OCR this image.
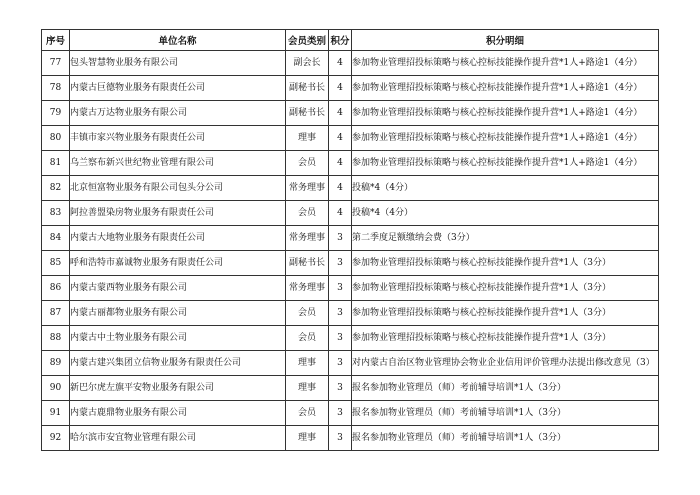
序号	单位名称	会员类别	积分	积分明细
77	包头智慧物业服务有限公司	副会长	4	参加物业管理招投标策略与核心控标技能操作提升营*1人+路途1（4分）
78	内蒙古巨德物业服务有限责任公司	副秘书长	4	参加物业管理招投标策略与核心控标技能操作提升营*1人+路途1（4分）
79	内蒙古万达物业服务有限公司	副秘书长	4	参加物业管理招投标策略与核心控标技能操作提升营*1人+路途1（4分）
80	丰镇市家兴物业服务有限责任公司	理事	4	参加物业管理招投标策略与核心控标技能操作提升营*1人+路途1（4分）
81	乌兰察布新兴世纪物业管理有限公司	会员	4	参加物业管理招投标策略与核心控标技能操作提升营*1人+路途1（4分）
82	北京恒富物业服务有限公司包头分公司	常务理事	4	投稿*4（4分）
83	阿拉善盟染房物业服务有限责任公司	会员	4	投稿*4（4分）
84	内蒙古大地物业服务有限责任公司	常务理事	3	第二季度足额缴纳会费（3分）
85	呼和浩特市嘉诚物业服务有限责任公司	副秘书长	3	参加物业管理招投标策略与核心控标技能操作提升营*1人（3分）
86	内蒙古蒙西物业服务有限公司	常务理事	3	参加物业管理招投标策略与核心控标技能操作提升营*1人（3分）
87	内蒙古丽都物业服务有限公司	会员	3	参加物业管理招投标策略与核心控标技能操作提升营*1人（3分）
88	内蒙古中土物业服务有限公司	会员	3	参加物业管理招投标策略与核心控标技能操作提升营*1人（3分）
89	内蒙古建兴集团立信物业服务有限责任公司	理事	3	对内蒙古自治区物业管理协会物业企业信用评价管理办法提出修改意见（3）
90	新巴尔虎左旗平安物业服务有限公司	理事	3	报名参加物业管理员（师）考前辅导培训*1人（3分）
91	内蒙古鹿鼎物业服务有限公司	会员	3	报名参加物业管理员（师）考前辅导培训*1人（3分）
92	哈尔滨市安宜物业管理有限公司	理事	3	报名参加物业管理员（师）考前辅导培训*1人（3分）
